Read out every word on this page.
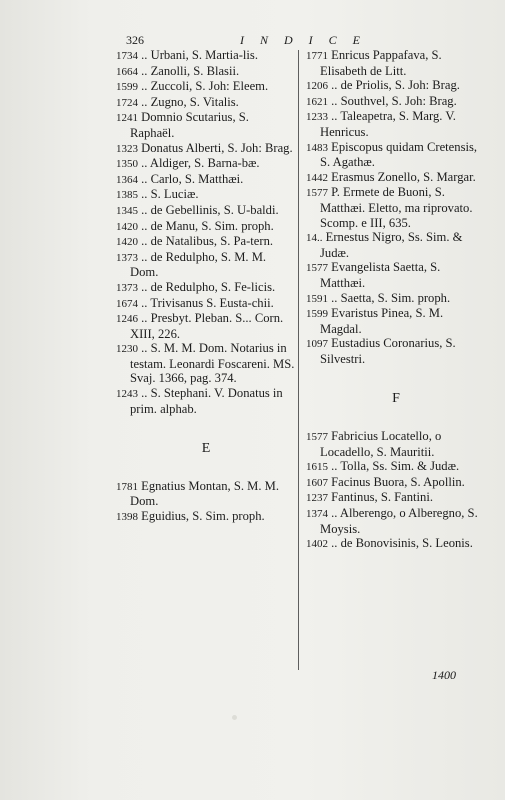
326	INDICE

1734 .. Urbani, S. Martia-lis.

1664 .. Zanolli, S. Blasii.

1599 .. Zuccoli, S. Joh: Eleem.

1724 .. Zugno, S. Vitalis.

1241 Domnio Scutarius, S. Raphaël.

1323 Donatus Alberti, S. Joh: Brag.

1350 .. Aldiger, S. Barna-bæ.

1364 .. Carlo, S. Matthæi.

1385 .. S. Luciæ.

1345 .. de Gebellinis, S. U-baldi.

1420 .. de Manu, S. Sim. proph.

1420 .. de Natalibus, S. Pa-tern.

1373 .. de Redulpho, S. M. M. Dom.

1373 .. de Redulpho, S. Fe-licis.

1674 .. Trivisanus S. Eusta-chii.

1246 .. Presbyt. Pleban. S... Corn. XIII, 226.

1230 .. S. M. M. Dom. Notarius in testam. Leonardi Foscareni. MS. Svaj. 1366, pag. 374.

1243 .. S. Stephani. V. Donatus in prim. alphab.

E

1781 Egnatius Montan, S. M. M. Dom.

1398 Eguidius, S. Sim. proph.

1771 Enricus Pappafava, S. Elisabeth de Litt.

1206 .. de Priolis, S. Joh: Brag.

1621 .. Southvel, S. Joh: Brag.

1233 .. Taleapetra, S. Marg. V. Henricus.

1483 Episcopus quidam Cretensis, S. Agathæ.

1442 Erasmus Zonello, S. Margar.

1577 P. Ermete de Buoni, S. Matthæi. Eletto, ma riprovato. Scomp. e III, 635.

14.. Ernestus Nigro, Ss. Sim. & Judæ.

1577 Evangelista Saetta, S. Matthæi.

1591 .. Saetta, S. Sim. proph.

1599 Evaristus Pinea, S. M. Magdal.

1097 Eustadius Coronarius, S. Silvestri.

F

1577 Fabricius Locatello, o Locadello, S. Mauritii.

1615 .. Tolla, Ss. Sim. & Judæ.

1607 Facinus Buora, S. Apollin.

1237 Fantinus, S. Fantini.

1374 .. Alberengo, o Alberegno, S. Moysis.

1402 .. de Bonovisinis, S. Leonis.

1400
